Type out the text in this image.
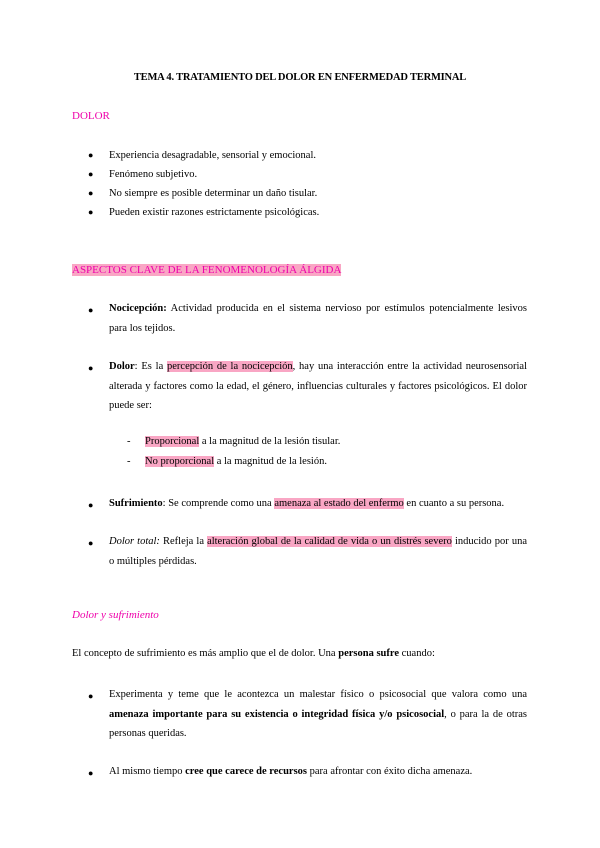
TEMA 4. TRATAMIENTO DEL DOLOR EN ENFERMEDAD TERMINAL
DOLOR
● Experiencia desagradable, sensorial y emocional.
● Fenómeno subjetivo.
● No siempre es posible determinar un daño tisular.
● Pueden existir razones estrictamente psicológicas.
ASPECTOS CLAVE DE LA FENOMENOLOGÍA ÁLGIDA
● Nocicepción: Actividad producida en el sistema nervioso por estímulos potencialmente lesivos para los tejidos.
● Dolor: Es la percepción de la nocicepción, hay una interacción entre la actividad neurosensorial alterada y factores como la edad, el género, influencias culturales y factores psicológicos. El dolor puede ser:
- Proporcional a la magnitud de la lesión tisular.
- No proporcional a la magnitud de la lesión.
● Sufrimiento: Se comprende como una amenaza al estado del enfermo en cuanto a su persona.
● Dolor total: Refleja la alteración global de la calidad de vida o un distrés severo inducido por una o múltiples pérdidas.
Dolor y sufrimiento
El concepto de sufrimiento es más amplio que el de dolor. Una persona sufre cuando:
● Experimenta y teme que le acontezca un malestar físico o psicosocial que valora como una amenaza importante para su existencia o integridad física y/o psicosocial, o para la de otras personas queridas.
● Al mismo tiempo cree que carece de recursos para afrontar con éxito dicha amenaza.
